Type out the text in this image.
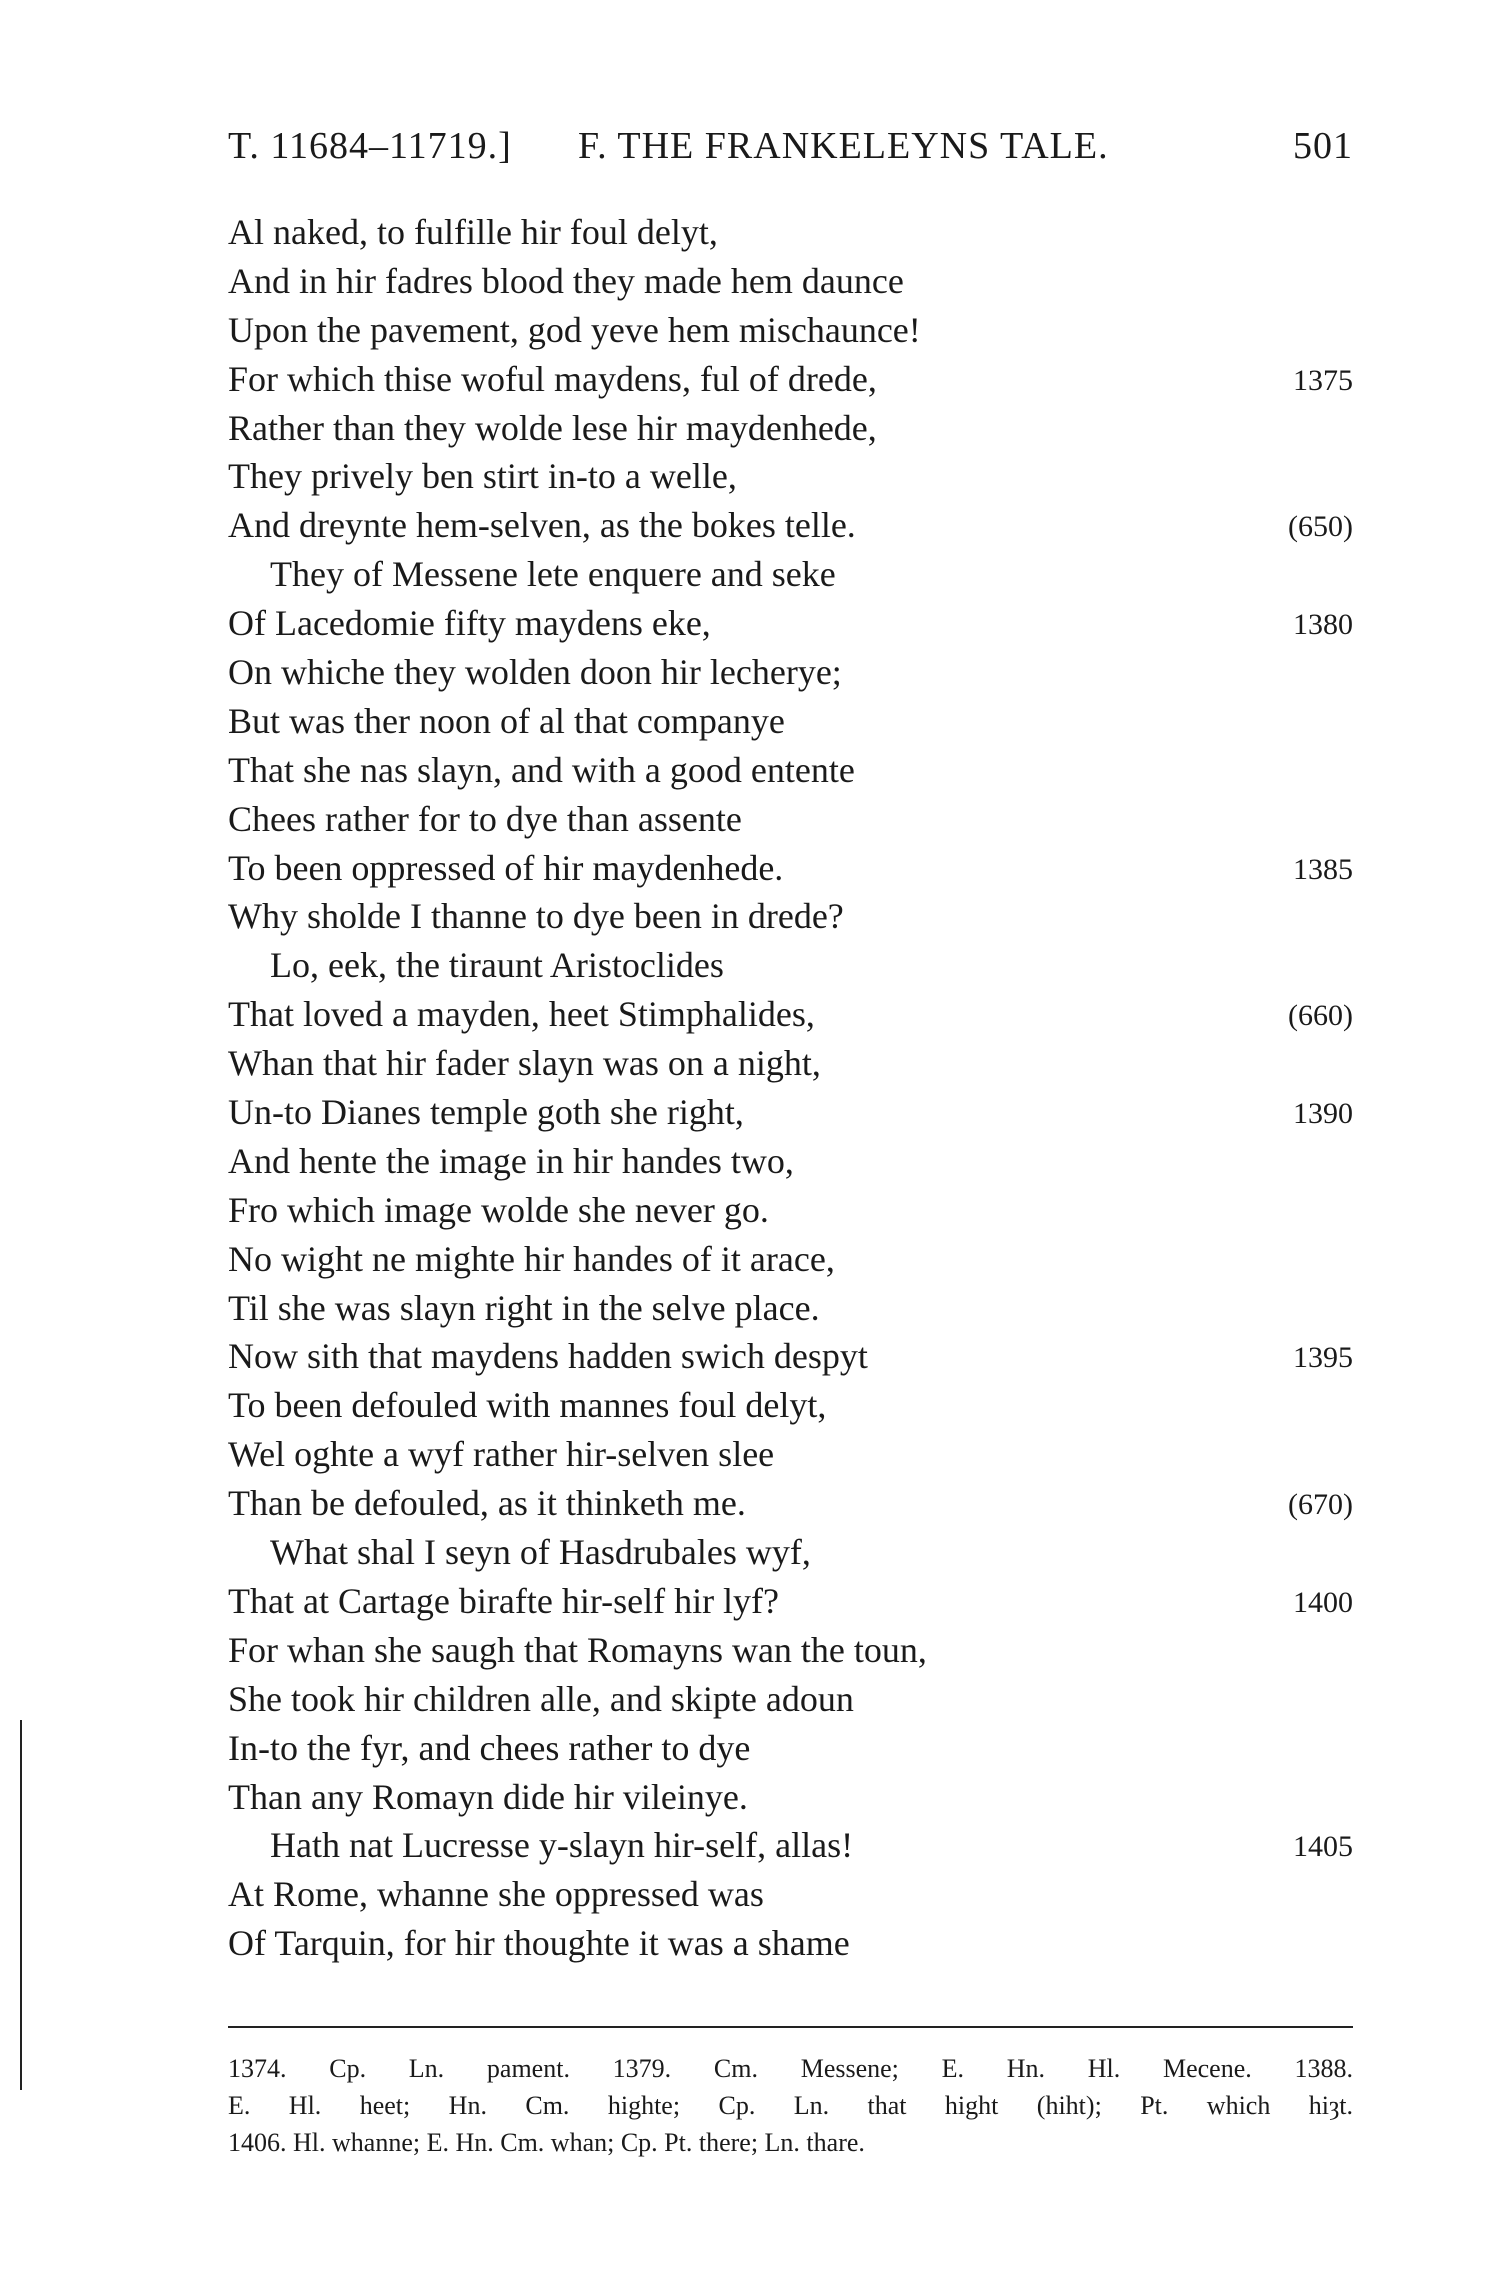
T. 11684–11719.] F. THE FRANKELEYNS TALE.	501
Al naked, to fulfille hir foul delyt,
And in hir fadres blood they made hem daunce
Upon the pavement, god yeve hem mischaunce!
For which thise woful maydens, ful of drede,	1375
Rather than they wolde lese hir maydenhede,
They prively ben stirt in-to a welle,
And dreynte hem-selven, as the bokes telle.	(650)
They of Messene lete enquere and seke
Of Lacedomie fifty maydens eke,	1380
On whiche they wolden doon hir lecherye;
But was ther noon of al that companye
That she nas slayn, and with a good entente
Chees rather for to dye than assente
To been oppressed of hir maydenhede.	1385
Why sholde I thanne to dye been in drede?
Lo, eek, the tiraunt Aristoclides
That loved a mayden, heet Stimphalides,	(660)
Whan that hir fader slayn was on a night,
Un-to Dianes temple goth she right,	1390
And hente the image in hir handes two,
Fro which image wolde she never go.
No wight ne mighte hir handes of it arace,
Til she was slayn right in the selve place.
Now sith that maydens hadden swich despyt	1395
To been defouled with mannes foul delyt,
Wel oghte a wyf rather hir-selven slee
Than be defouled, as it thinketh me.	(670)
What shal I seyn of Hasdrubales wyf,
That at Cartage birafte hir-self hir lyf?	1400
For whan she saugh that Romayns wan the toun,
She took hir children alle, and skipte adoun
In-to the fyr, and chees rather to dye
Than any Romayn dide hir vileinye.
Hath nat Lucresse y-slayn hir-self, allas!	1405
At Rome, whanne she oppressed was
Of Tarquin, for hir thoughte it was a shame
1374. Cp. Ln. pament. 1379. Cm. Messene; E. Hn. Hl. Mecene. 1388.
E. Hl. heet; Hn. Cm. highte; Cp. Ln. that hight (hiht); Pt. which hiȝt.
1406. Hl. whanne; E. Hn. Cm. whan; Cp. Pt. there; Ln. thare.
